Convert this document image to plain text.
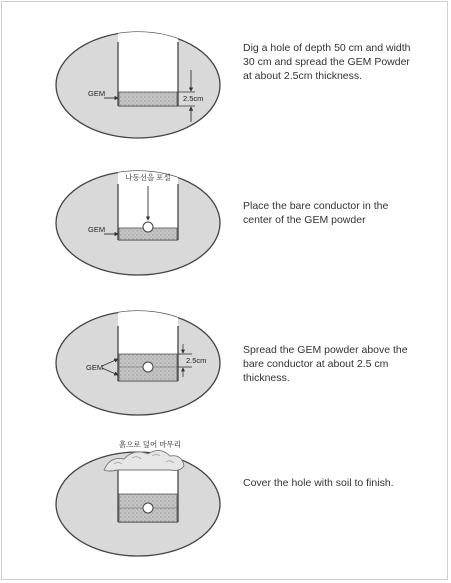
GEM
2.5cm
Dig a hole of depth 50 cm and width 30 cm and spread the GEM Powder at about 2.5cm thickness.
나동선을 포설
GEM
Place the bare conductor in the center of the GEM powder
GEM
2.5cm
Spread the GEM powder above the bare conductor at about 2.5 cm thickness.
흙으로 덮어 마무리
Cover the hole with soil to finish.
